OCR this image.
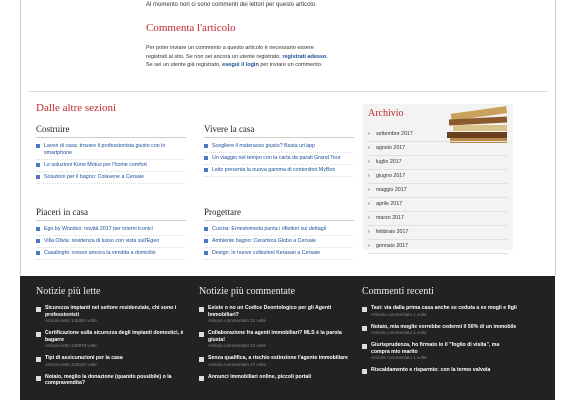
Al momento non ci sono commenti dei lettori per questo articolo.
Commenta l'articolo
Per poter inviare un commento a questo articolo è necessario essere
registrati al sito. Se non sei ancora un utente registrato, registrati adesso.
Se sei un utente già registrato, esegui il login per inviare un commento.
Dalle altre sezioni
Costruire
Lavori di casa: trovare il professionista giusto con lo smartphone
Le soluzioni Kone Motus per l'home comfort
Soluzioni per il bagno: Colavene a Cersaie
Vivere la casa
Scegliere il materasso giusto? Basta un'app
Un viaggio nel tempo con la carta da parati Grand Tour
Leitz presenta la nuova gamma di contenitori MyBox
Piaceri in casa
Ego by Woodco: novità 2017 per interni iconici
Villa Olivia: residenza di lusso con vista sull'Egeo
Casalinghi: cresce ancora la vendita a domicilio
Progettare
Cucina: Ernestomeda punta i riflettori sui dettagli
Ambiente bagno: Ceramica Globo a Cersaie
Design: le nuove collezioni Kerasan a Cersaie
Archivio
› settembre 2017
› agosto 2017
› luglio 2017
› giugno 2017
› maggio 2017
› aprile 2017
› marzo 2017
› febbraio 2017
› gennaio 2017
Notizie più lette
Sicurezza impianti nel settore residenziale, chi sono i professionisti
Articolo letto 146384 volte
Certificazione sulla sicurezza degli impianti domestici, è bagarre
Articolo letto 129879 volte
Tipi di assicurazioni per la casa
Articolo letto 126020 volte
Notaio, meglio la donazione (quando possibile) o la compravendita?
Notizie più commentate
Esiste o no un Codice Deontologico per gli Agenti Immobiliari?
Articolo commentato 31 volte
Collaborazione fra agenti immobiliari? MLS è la parola giusta!
Articolo commentato 22 volte
Senza qualifica, a rischio estinzione l'agente immobiliare
Articolo commentato 17 volte
Annunci immobiliari online, piccoli portali
Commenti recenti
Tasi: via dalla prima casa anche se ceduta a ex mogli e figli
Articolo commentato 1 volte
Notaio, mia moglie vorrebbe cedermi il 50% di un immobile
Articolo commentato 1 volte
Giurisprudenza, ho firmato io il "foglio di visita", ma compra mio marito
Articolo commentato 1 volte
Riscaldamento e risparmio: con la termo valvola
